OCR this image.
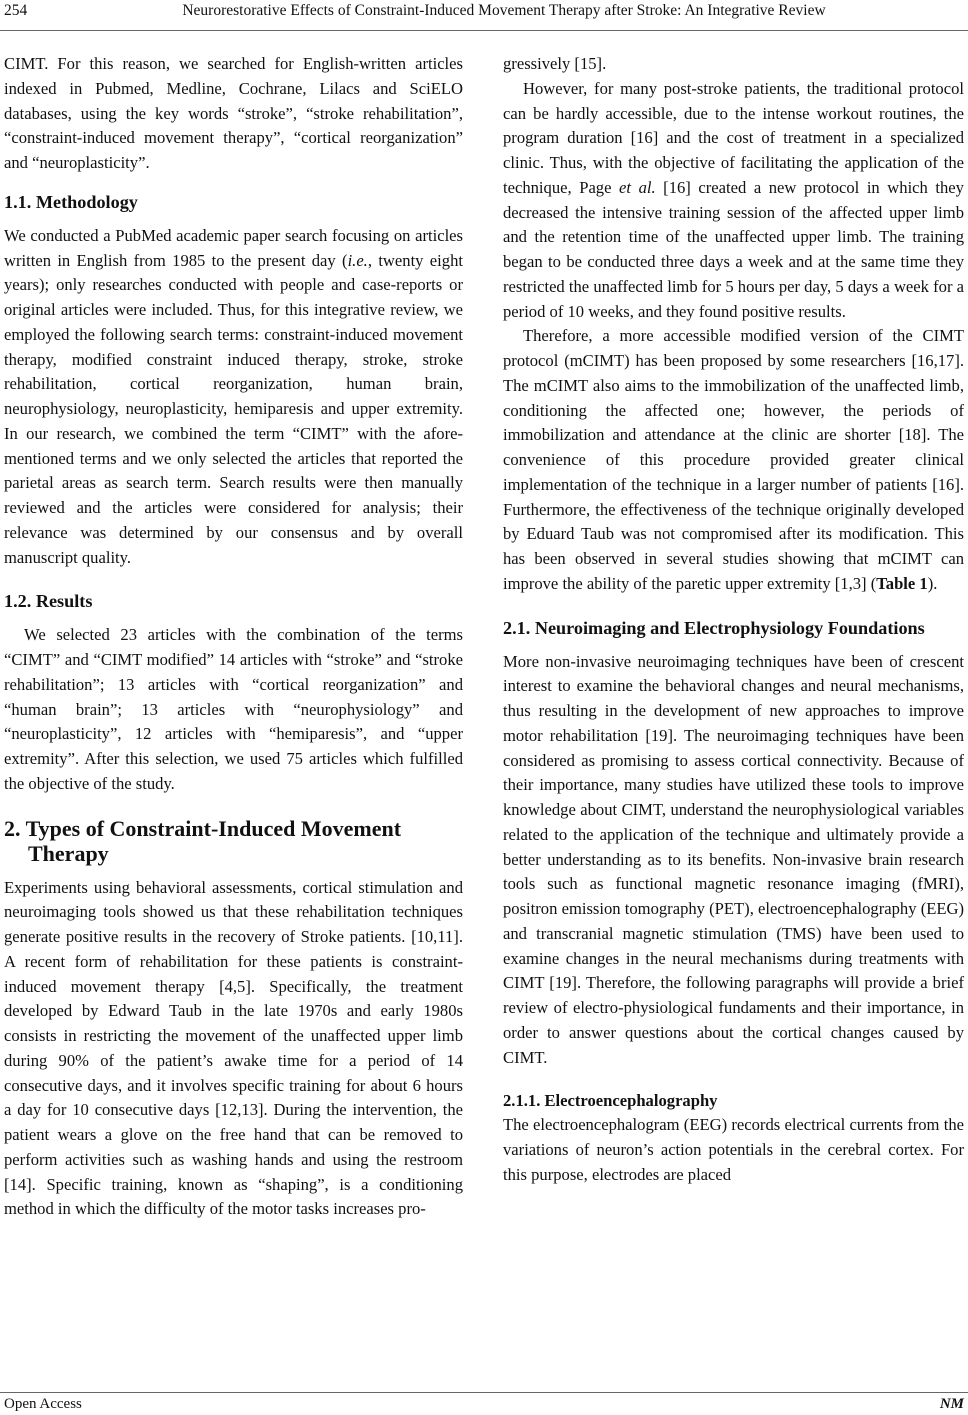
254	Neurorestorative Effects of Constraint-Induced Movement Therapy after Stroke: An Integrative Review

CIMT. For this reason, we searched for English-written articles indexed in Pubmed, Medline, Cochrane, Lilacs and SciELO databases, using the key words “stroke”, “stroke rehabilitation”, “constraint-induced movement therapy”, “cortical reorganization” and “neuroplasticity”.

1.1. Methodology

We conducted a PubMed academic paper search focusing on articles written in English from 1985 to the present day (i.e., twenty eight years); only researches conducted with people and case-reports or original articles were included. Thus, for this integrative review, we employed the following search terms: constraint-induced movement therapy, modified constraint induced therapy, stroke, stroke rehabilitation, cortical reorganization, human brain, neurophysiology, neuroplasticity, hemiparesis and upper extremity. In our research, we combined the term “CIMT” with the afore-mentioned terms and we only selected the articles that reported the parietal areas as search term. Search results were then manually reviewed and the articles were considered for analysis; their relevance was determined by our consensus and by overall manuscript quality.

1.2. Results

We selected 23 articles with the combination of the terms “CIMT” and “CIMT modified” 14 articles with “stroke” and “stroke rehabilitation”; 13 articles with “cortical reorganization” and “human brain”; 13 articles with “neurophysiology” and “neuroplasticity”, 12 articles with “hemiparesis”, and “upper extremity”. After this selection, we used 75 articles which fulfilled the objective of the study.

2. Types of Constraint-Induced Movement Therapy

Experiments using behavioral assessments, cortical stimulation and neuroimaging tools showed us that these rehabilitation techniques generate positive results in the recovery of Stroke patients. [10,11]. A recent form of rehabilitation for these patients is constraint-induced movement therapy [4,5]. Specifically, the treatment developed by Edward Taub in the late 1970s and early 1980s consists in restricting the movement of the unaffected upper limb during 90% of the patient’s awake time for a period of 14 consecutive days, and it involves specific training for about 6 hours a day for 10 consecutive days [12,13]. During the intervention, the patient wears a glove on the free hand that can be removed to perform activities such as washing hands and using the restroom [14]. Specific training, known as “shaping”, is a conditioning method in which the difficulty of the motor tasks increases pro-

gressively [15].

However, for many post-stroke patients, the traditional protocol can be hardly accessible, due to the intense workout routines, the program duration [16] and the cost of treatment in a specialized clinic. Thus, with the objective of facilitating the application of the technique, Page et al. [16] created a new protocol in which they decreased the intensive training session of the affected upper limb and the retention time of the unaffected upper limb. The training began to be conducted three days a week and at the same time they restricted the unaffected limb for 5 hours per day, 5 days a week for a period of 10 weeks, and they found positive results.

Therefore, a more accessible modified version of the CIMT protocol (mCIMT) has been proposed by some researchers [16,17]. The mCIMT also aims to the immobilization of the unaffected limb, conditioning the affected one; however, the periods of immobilization and attendance at the clinic are shorter [18]. The convenience of this procedure provided greater clinical implementation of the technique in a larger number of patients [16]. Furthermore, the effectiveness of the technique originally developed by Eduard Taub was not compromised after its modification. This has been observed in several studies showing that mCIMT can improve the ability of the paretic upper extremity [1,3] (Table 1).

2.1. Neuroimaging and Electrophysiology Foundations

More non-invasive neuroimaging techniques have been of crescent interest to examine the behavioral changes and neural mechanisms, thus resulting in the development of new approaches to improve motor rehabilitation [19]. The neuroimaging techniques have been considered as promising to assess cortical connectivity. Because of their importance, many studies have utilized these tools to improve knowledge about CIMT, understand the neurophysiological variables related to the application of the technique and ultimately provide a better understanding as to its benefits. Non-invasive brain research tools such as functional magnetic resonance imaging (fMRI), positron emission tomography (PET), electroencephalography (EEG) and transcranial magnetic stimulation (TMS) have been used to examine changes in the neural mechanisms during treatments with CIMT [19]. Therefore, the following paragraphs will provide a brief review of electro-physiological fundaments and their importance, in order to answer questions about the cortical changes caused by CIMT.

2.1.1. Electroencephalography

The electroencephalogram (EEG) records electrical currents from the variations of neuron’s action potentials in the cerebral cortex. For this purpose, electrodes are placed

Open Access	NM
